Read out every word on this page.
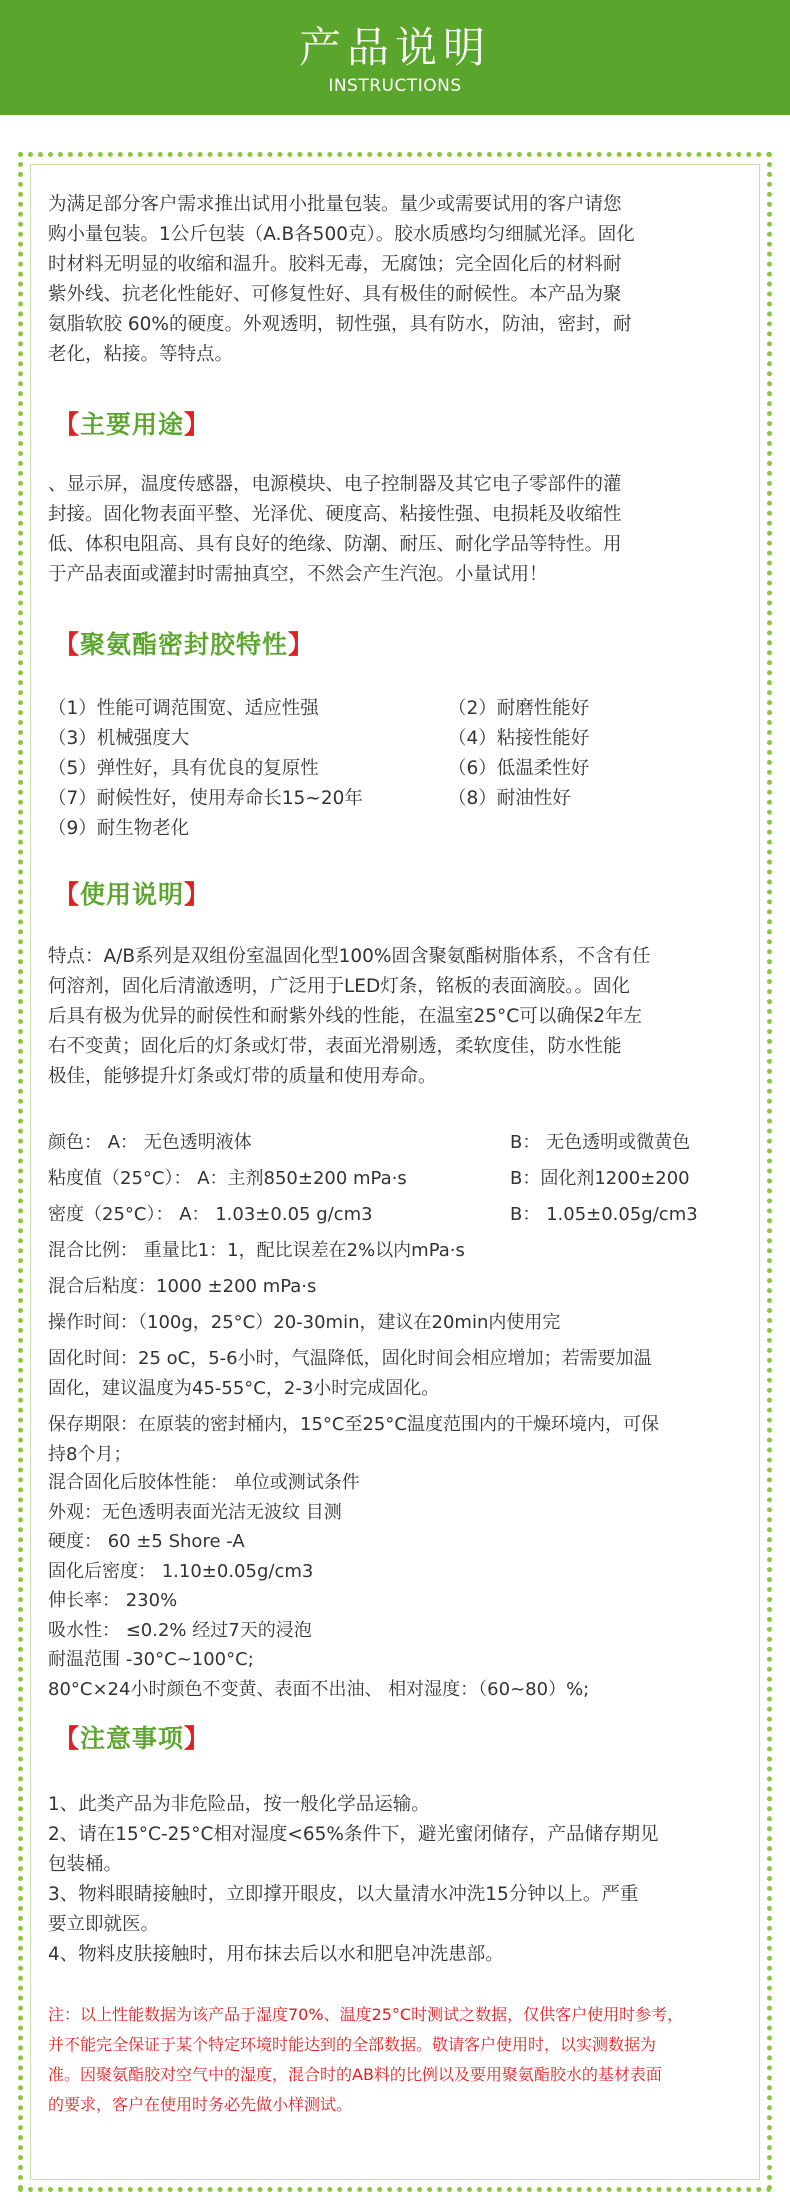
产品说明
INSTRUCTIONS
为满足部分客户需求推出试用小批量包装。量少或需要试用的客户请您
购小量包装。1公斤包装（A.B各500克）。胶水质感均匀细腻光泽。固化
时材料无明显的收缩和温升。胶料无毒，无腐蚀；完全固化后的材料耐
紫外线、抗老化性能好、可修复性好、具有极佳的耐候性。本产品为聚
氨脂软胶 60%的硬度。外观透明，韧性强，具有防水，防油，密封，耐
老化，粘接。等特点。
【主要用途】
、显示屏，温度传感器，电源模块、电子控制器及其它电子零部件的灌
封接。固化物表面平整、光泽优、硬度高、粘接性强、电损耗及收缩性
低、体积电阻高、具有良好的绝缘、防潮、耐压、耐化学品等特性。用
于产品表面或灌封时需抽真空，不然会产生汽泡。小量试用！
【聚氨酯密封胶特性】
（1）性能可调范围宽、适应性强
（3）机械强度大
（5）弹性好，具有优良的复原性
（7）耐候性好，使用寿命长15~20年
（9）耐生物老化
（2）耐磨性能好
（4）粘接性能好
（6）低温柔性好
（8）耐油性好
【使用说明】
特点：A/B系列是双组份室温固化型100%固含聚氨酯树脂体系，不含有任
何溶剂，固化后清澈透明，广泛用于LED灯条，铭板的表面滴胶。。固化
后具有极为优异的耐侯性和耐紫外线的性能，在温室25°C可以确保2年左
右不变黄；固化后的灯条或灯带，表面光滑剔透，柔软度佳，防水性能
极佳，能够提升灯条或灯带的质量和使用寿命。
颜色： A： 无色透明液体	B： 无色透明或微黄色
粘度值（25°C）： A：主剂850±200 mPa·s	B：固化剂1200±200
密度（25°C）： A： 1.03±0.05 g/cm3	B： 1.05±0.05g/cm3
混合比例： 重量比1：1，配比误差在2%以内mPa·s
混合后粘度：1000 ±200 mPa·s
操作时间：（100g，25°C）20-30min，建议在20min内使用完
固化时间：25 oC，5-6小时，气温降低，固化时间会相应增加；若需要加温
固化，建议温度为45-55°C，2-3小时完成固化。
保存期限：在原装的密封桶内，15°C至25°C温度范围内的干燥环境内，可保
持8个月；
混合固化后胶体性能： 单位或测试条件
外观：无色透明表面光洁无波纹 目测
硬度： 60 ±5 Shore -A
固化后密度： 1.10±0.05g/cm3
伸长率： 230%
吸水性： ≤0.2% 经过7天的浸泡
耐温范围 -30°C~100°C;
80°C×24小时颜色不变黄、表面不出油、 相对湿度：（60~80）%;
【注意事项】
1、此类产品为非危险品，按一般化学品运输。
2、请在15°C-25°C相对湿度<65%条件下，避光蜜闭储存，产品储存期见
包装桶。
3、物料眼睛接触时，立即撑开眼皮，以大量清水冲洗15分钟以上。严重
要立即就医。
4、物料皮肤接触时，用布抹去后以水和肥皂冲洗患部。
注：以上性能数据为该产品于湿度70%、温度25°C时测试之数据，仅供客户使用时参考，
并不能完全保证于某个特定环境时能达到的全部数据。敬请客户使用时，以实测数据为
准。因聚氨酯胶对空气中的湿度，混合时的AB料的比例以及要用聚氨酯胶水的基材表面
的要求，客户在使用时务必先做小样测试。
